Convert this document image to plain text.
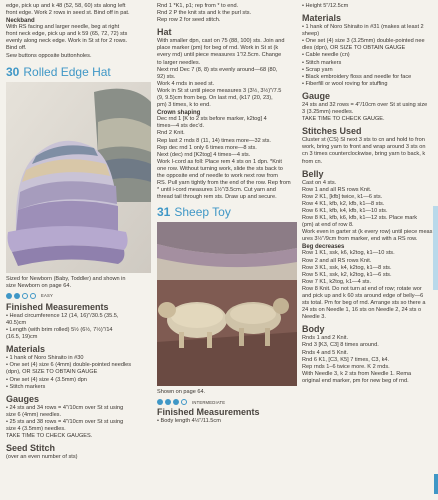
edge, pick up and k 48 (52, 58, 60) sts along left

front edge. Work 2 rows in seed st. Bind off in pat.

Neckband

With RS facing and larger needle, beg at right

front neck edge, pick up and k 59 (65, 72, 72) sts

evenly along neck edge. Work in St st for 2 rows.

Bind off.

Sew buttons opposite buttonholes.

30 Rolled Edge Hat

Sized for Newborn (Baby, Toddler) and shown in

size Newborn on page 64.

EASY
Finished Measurements

• Head circumference 12 (14, 16)"/30.5 (35.5,

40.5)cm

• Length (with brim rolled) 5½ (6½, 7½)"/14

(16.5, 19)cm

Materials

• 1 hank of Noro Shiraito in #30

• One set (4) size 6 (4mm) double-pointed needles

(dpn), OR SIZE TO OBTAIN GAUGE

• One set (4) size 4 (3.5mm) dpn

• Stitch markers

Gauges

• 24 sts and 34 rows = 4"/10cm over St st using

size 6 (4mm) needles.

• 25 sts and 38 rows = 4"/10cm over St st using

size 4 (3.5mm) needles.

TAKE TIME TO CHECK GAUGES.

Seed Stitch

(over an even number of sts)

Rnd 1 *K1, p1; rep from * to end.

Rnd 2 P the knit sts and k the purl sts.

Rep row 2 for seed stitch.

Hat

With smaller dpn, cast on 75 (88, 100) sts. Join and

place marker (pm) for beg of rnd. Work in St st (k

every rnd) until piece measures 1"/2.5cm. Change

to larger needles.

Next rnd Dec 7 (8, 8) sts evenly around—68 (80,

92) sts.

Work 4 rnds in seed st.

Work in St st until piece measures 3 (3½, 3½)"/7.5

(9, 9.5)cm from beg. On last rnd, (k17 (20, 23),

pm) 3 times, k to end.

Crown shaping

Dec rnd 1 [K to 2 sts before marker, k2tog] 4

times—4 sts dec'd.

Rnd 2 Knit.

Rep last 2 rnds 8 (11, 14) times more—32 sts.

Rep dec rnd 1 only 6 times more—8 sts.

Next (dec) rnd [K2tog] 4 times—4 sts.

Work I-cord as foll: Place rem 4 sts on 1 dpn. *Knit

one row. Without turning work, slide the sts back to

the opposite end of needle to work next row from

RS. Pull yarn tightly from the end of the row. Rep from

* until i-cord measures 1½"/3.5cm. Cut yarn and

thread tail through rem sts. Draw up and secure.

31 Sheep Toy
Shown on page 64.
INTERMEDIATE
Finished Measurements

• Body length 4½"/11.5cm

• Height 5"/12.5cm
Materials

• 1 hank of Noro Shiraito in #31 (makes at least 2

sheep)

• One set (4) size 3 (3.25mm) double-pointed nee

dles (dpn), OR SIZE TO OBTAIN GAUGE

• Cable needle (cn)

• Stitch markers

• Scrap yarn

• Black embroidery floss and needle for face

• Fiberfill or wool roving for stuffing

Gauge

24 sts and 32 rows = 4"/10cm over St st using size

3 (3.25mm) needles.

TAKE TIME TO CHECK GAUGE.

Stitches Used

Cluster st (CS) Sl next 3 sts to cn and hold to fron

work, bring yarn to front and wrap around 3 sts on

cn 3 times counterclockwise, bring yarn to back, k

from cn.

Belly

Cast on 4 sts.

Row 1 and all RS rows Knit.

Row 2 K1, [kfb] twice, k1—6 sts.

Row 4 K1, kfb, k2, kfb, k1—8 sts.

Row 6 K1, kfb, k4, kfb, k1—10 sts.

Row 8 K1, kfb, k6, kfb, k1—12 sts. Place mark

(pm) at end of row 8.

Work even in garter st (k every row) until piece meas

ures 3½"/9cm from marker, end with a RS row.

Beg decreases

Row 1 K1, ssk, k6, k2tog, k1—10 sts.

Row 2 and all RS rows Knit.

Row 3 K1, ssk, k4, k2tog, k1—8 sts.

Row 5 K1, ssk, k2, k2tog, k1—6 sts.

Row 7 K1, k2tog, k1—4 sts.

Row 8 Knit. Do not turn at end of row; rotate wor

and pick up and k 60 sts around edge of belly—6

sts total. Pm for beg of rnd. Arrange sts so there a

24 sts on Needle 1, 16 sts on Needle 2, 24 sts o

Needle 3.

Body

Rnds 1 and 2 Knit.

Rnd 3 [K3, C3] 8 times around.

Rnds 4 and 5 Knit.

Rnd 6 K1, [C3, K5] 7 times, C3, k4.

Rep rnds 1–6 twice more. K 2 rnds.

With Needle 3, k 2 sts from Needle 1. Rema

original end marker, pm for new beg of rnd.
